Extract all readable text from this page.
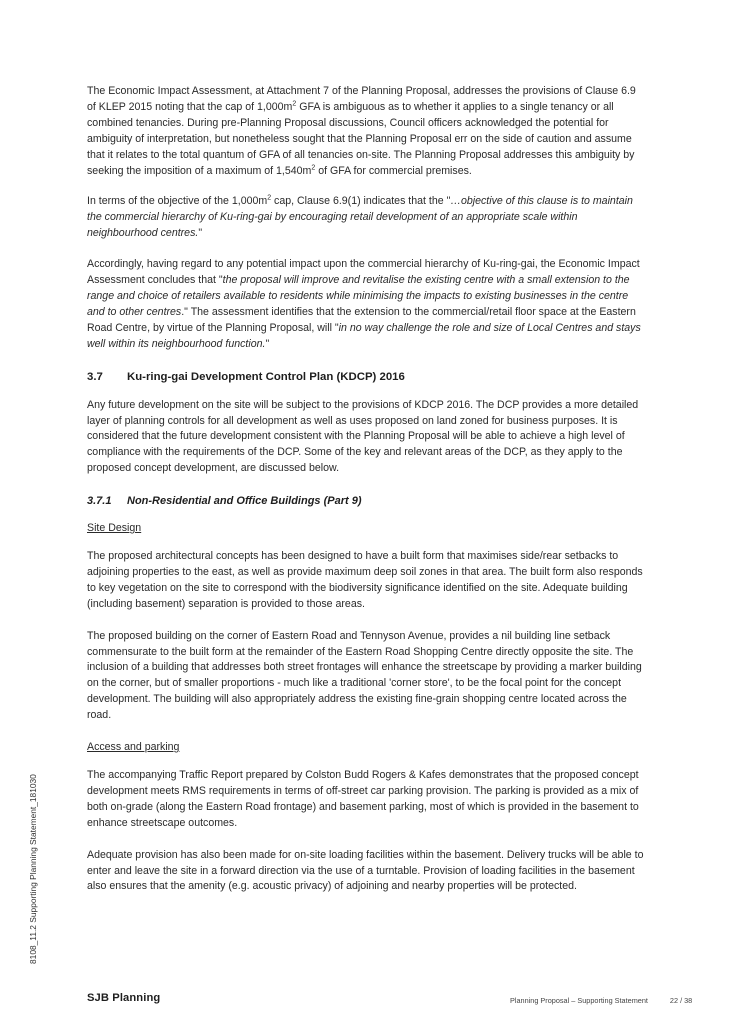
The Economic Impact Assessment, at Attachment 7 of the Planning Proposal, addresses the provisions of Clause 6.9 of KLEP 2015 noting that the cap of $1,000m^2$ GFA is ambiguous as to whether it applies to a single tenancy or all combined tenancies. During pre-Planning Proposal discussions, Council officers acknowledged the potential for ambiguity of interpretation, but nonetheless sought that the Planning Proposal err on the side of caution and assume that it relates to the total quantum of GFA of all tenancies on-site. The Planning Proposal addresses this ambiguity by seeking the imposition of a maximum of $1,540m^2$ of GFA for commercial premises.

In terms of the objective of the $1,000m^2$ cap, Clause 6.9(1) indicates that the "…objective of this clause is to maintain the commercial hierarchy of Ku-ring-gai by encouraging retail development of an appropriate scale within neighbourhood centres."

Accordingly, having regard to any potential impact upon the commercial hierarchy of Ku-ring-gai, the Economic Impact Assessment concludes that "the proposal will improve and revitalise the existing centre with a small extension to the range and choice of retailers available to residents while minimising the impacts to existing businesses in the centre and to other centres." The assessment identifies that the extension to the commercial/retail floor space at the Eastern Road Centre, by virtue of the Planning Proposal, will "in no way challenge the role and size of Local Centres and stays well within its neighbourhood function."

3.7 Ku-ring-gai Development Control Plan (KDCP) 2016

Any future development on the site will be subject to the provisions of KDCP 2016. The DCP provides a more detailed layer of planning controls for all development as well as uses proposed on land zoned for business purposes. It is considered that the future development consistent with the Planning Proposal will be able to achieve a high level of compliance with the requirements of the DCP. Some of the key and relevant areas of the DCP, as they apply to the proposed concept development, are discussed below.

3.7.1 Non-Residential and Office Buildings (Part 9)
Site Design

The proposed architectural concepts has been designed to have a built form that maximises side/rear setbacks to adjoining properties to the east, as well as provide maximum deep soil zones in that area. The built form also responds to key vegetation on the site to correspond with the biodiversity significance identified on the site. Adequate building (including basement) separation is provided to those areas.

The proposed building on the corner of Eastern Road and Tennyson Avenue, provides a nil building line setback commensurate to the built form at the remainder of the Eastern Road Shopping Centre directly opposite the site. The inclusion of a building that addresses both street frontages will enhance the streetscape by providing a marker building on the corner, but of smaller proportions - much like a traditional 'corner store', to be the focal point for the concept development. The building will also appropriately address the existing fine-grain shopping centre located across the road.

Access and parking

The accompanying Traffic Report prepared by Colston Budd Rogers & Kafes demonstrates that the proposed concept development meets RMS requirements in terms of off-street car parking provision. The parking is provided as a mix of both on-grade (along the Eastern Road frontage) and basement parking, most of which is provided in the basement to enhance streetscape outcomes.

Adequate provision has also been made for on-site loading facilities within the basement. Delivery trucks will be able to enter and leave the site in a forward direction via the use of a turntable. Provision of loading facilities in the basement also ensures that the amenity (e.g. acoustic privacy) of adjoining and nearby properties will be protected.

8108_11.2 Supporting Planning Statement_181030
SJB Planning	Planning Proposal – Supporting Statement	22 / 38
